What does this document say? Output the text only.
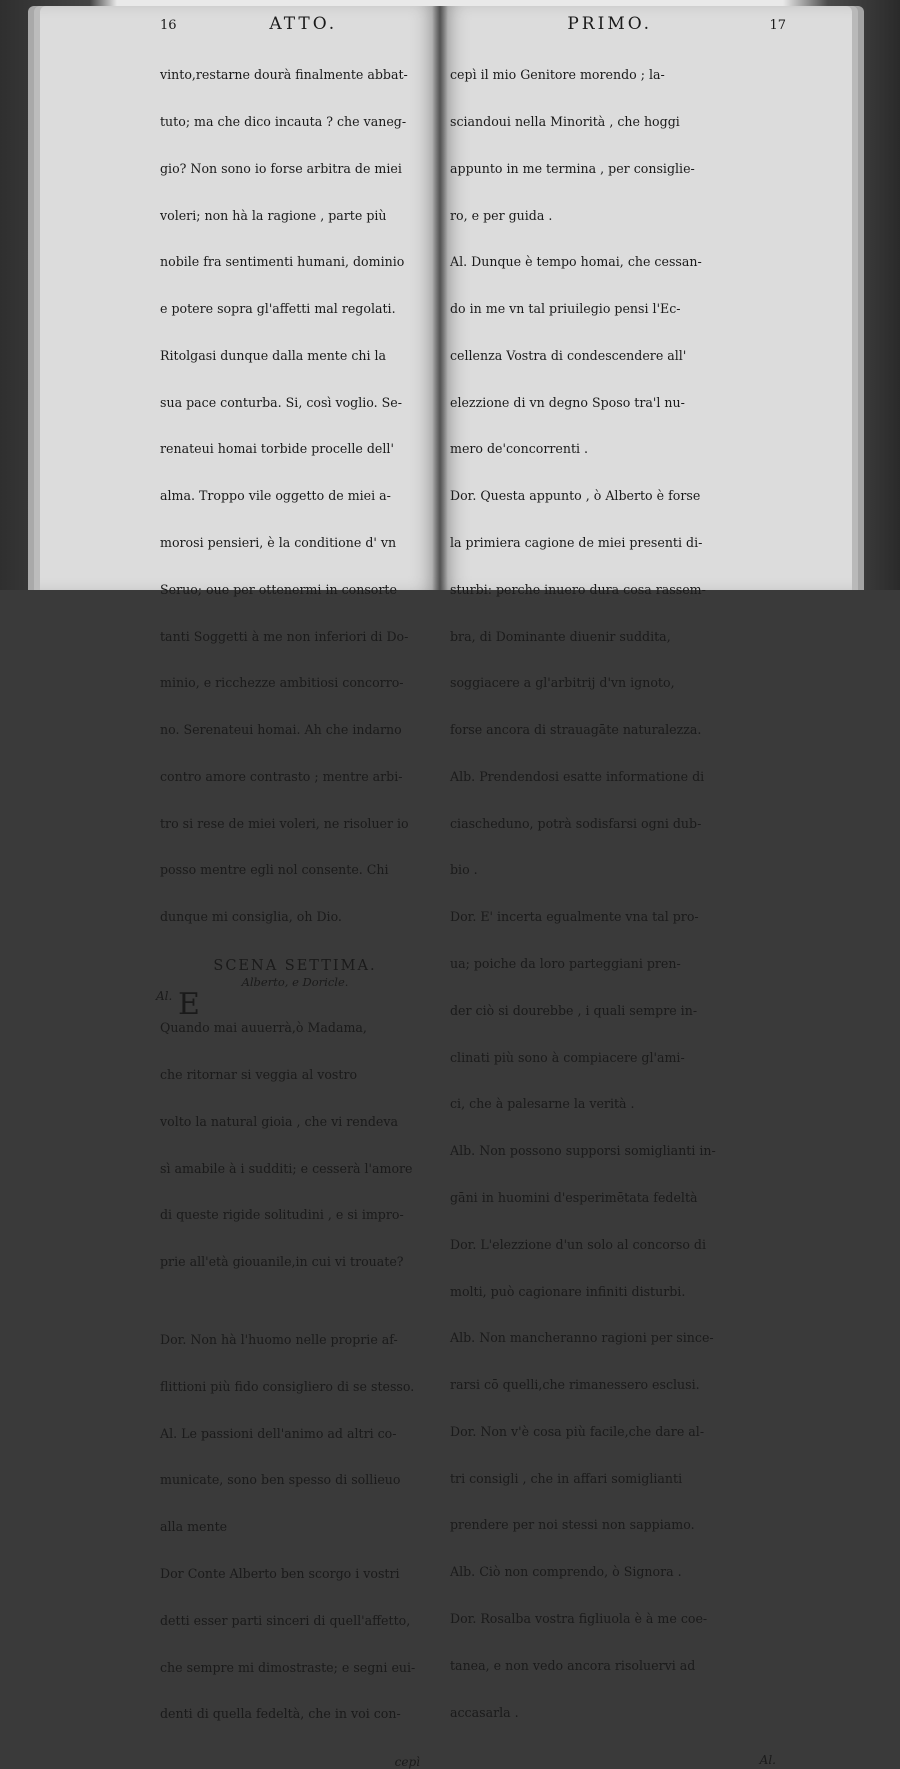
16	ATTO.

vinto,restarne dourà finalmente abbat-

tuto; ma che dico incauta ? che vaneg-

gio? Non sono io forse arbitra de miei

voleri; non hà la ragione , parte più

nobile fra sentimenti humani, dominio

e potere sopra gl'affetti mal regolati.

Ritolgasi dunque dalla mente chi la

sua pace conturba. Si, così voglio. Se-

renateui homai torbide procelle dell'

alma. Troppo vile oggetto de miei a-

morosi pensieri, è la conditione d' vn

Seruo; oue per ottenermi in consorte

tanti Soggetti à me non inferiori di Do-

minio, e ricchezze ambitiosi concorro-

no. Serenateui homai. Ah che indarno

contro amore contrasto ; mentre arbi-

tro si rese de miei voleri, ne risoluer io

posso mentre egli nol consente. Chi

dunque mi consiglia, oh Dio.

SCENA SETTIMA.
Alberto, e Doricle.
Al. E

Quando mai auuerrà,ò Madama,

che ritornar si veggia al vostro

volto la natural gioia , che vi rendeva

sì amabile à i sudditi; e cesserà l'amore

di queste rigide solitudini , e si impro-

prie all'età giouanile,in cui vi trouate?

Dor. Non hà l'huomo nelle proprie af-

flittioni più fido consigliero di se stesso.

Al. Le passioni dell'animo ad altri co-

municate, sono ben spesso di sollieuo

alla mente

Dor Conte Alberto ben scorgo i vostri

detti esser parti sinceri di quell'affetto,

che sempre mi dimostraste; e segni eui-

denti di quella fedeltà, che in voi con-

cepì
PRIMO.	17

cepì il mio Genitore morendo ; la-

sciandoui nella Minorità , che hoggi

appunto in me termina , per consiglie-

ro, e per guida .

Al. Dunque è tempo homai, che cessan-

do in me vn tal priuilegio pensi l'Ec-

cellenza Vostra di condescendere all'

elezzione di vn degno Sposo tra'l nu-

mero de'concorrenti .

Dor. Questa appunto , ò Alberto è forse

la primiera cagione de miei presenti di-

sturbi: perche inuero dura cosa rassem-

bra, di Dominante diuenir suddita,

soggiacere a gl'arbitrij d'vn ignoto,

forse ancora di strauagāte naturalezza.

Alb. Prendendosi esatte informatione di

ciascheduno, potrà sodisfarsi ogni dub-

bio .

Dor. E' incerta egualmente vna tal pro-

ua; poiche da loro parteggiani pren-

der ciò si dourebbe , i quali sempre in-

clinati più sono à compiacere gl'ami-

ci, che à palesarne la verità .

Alb. Non possono supporsi somiglianti in-

gāni in huomini d'esperimētata fedeltà

Dor. L'elezzione d'un solo al concorso di

molti, può cagionare infiniti disturbi.

Alb. Non mancheranno ragioni per since-

rarsi cō quelli,che rimanessero esclusi.

Dor. Non v'è cosa più facile,che dare al-

tri consigli , che in affari somiglianti

prendere per noi stessi non sappiamo.

Alb. Ciò non comprendo, ò Signora .

Dor. Rosalba vostra figliuola è à me coe-

tanea, e non vedo ancora risoluervi ad

accasarla .

Al.
